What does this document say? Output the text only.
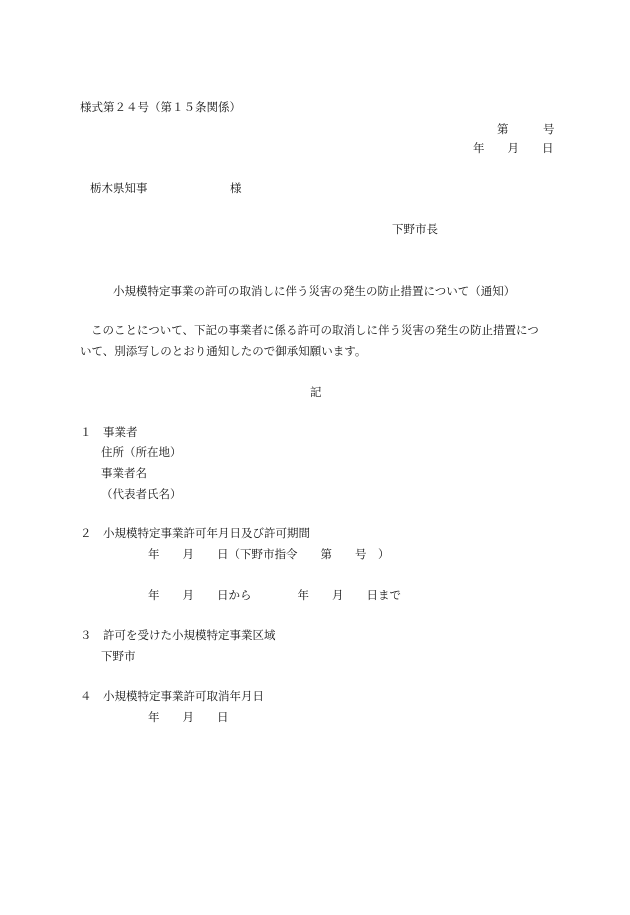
様式第２４号（第１５条関係）
第　　　号
年　　月　　日
栃木県知事	様
下野市長
小規模特定事業の許可の取消しに伴う災害の発生の防止措置について（通知）
このことについて、下記の事業者に係る許可の取消しに伴う災害の発生の防止措置につ
いて、別添写しのとおり通知したので御承知願います。
記
１　事業者
住所（所在地）
事業者名
（代表者氏名）
２　小規模特定事業許可年月日及び許可期間
年　　月　　日（下野市指令　　第　　号　）
年　　月　　日から　　　　年　　月　　日まで
３　許可を受けた小規模特定事業区域
下野市
４　小規模特定事業許可取消年月日
年　　月　　日
